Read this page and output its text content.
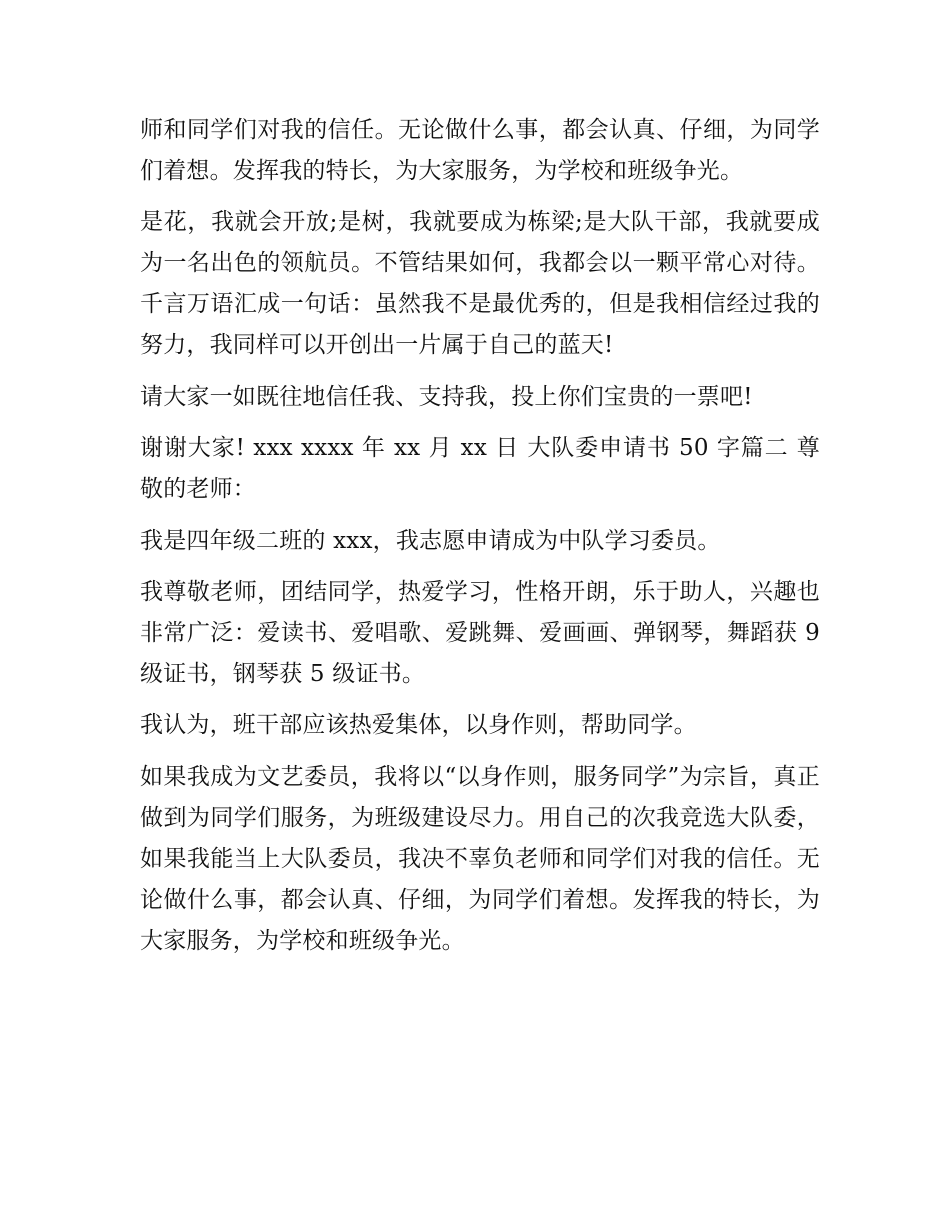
师和同学们对我的信任。无论做什么事，都会认真、仔细，为同学们着想。发挥我的特长，为大家服务，为学校和班级争光。

是花，我就会开放;是树，我就要成为栋梁;是大队干部，我就要成为一名出色的领航员。不管结果如何，我都会以一颗平常心对待。千言万语汇成一句话：虽然我不是最优秀的，但是我相信经过我的努力，我同样可以开创出一片属于自己的蓝天!

请大家一如既往地信任我、支持我，投上你们宝贵的一票吧!

谢谢大家! xxx xxxx 年 xx 月 xx 日 大队委申请书 50 字篇二 尊敬的老师：

我是四年级二班的 xxx，我志愿申请成为中队学习委员。

我尊敬老师，团结同学，热爱学习，性格开朗，乐于助人，兴趣也非常广泛：爱读书、爱唱歌、爱跳舞、爱画画、弹钢琴，舞蹈获 9 级证书，钢琴获 5 级证书。

我认为，班干部应该热爱集体，以身作则，帮助同学。

如果我成为文艺委员，我将以“以身作则，服务同学”为宗旨，真正做到为同学们服务，为班级建设尽力。用自己的次我竞选大队委，如果我能当上大队委员，我决不辜负老师和同学们对我的信任。无论做什么事，都会认真、仔细，为同学们着想。发挥我的特长，为大家服务，为学校和班级争光。
